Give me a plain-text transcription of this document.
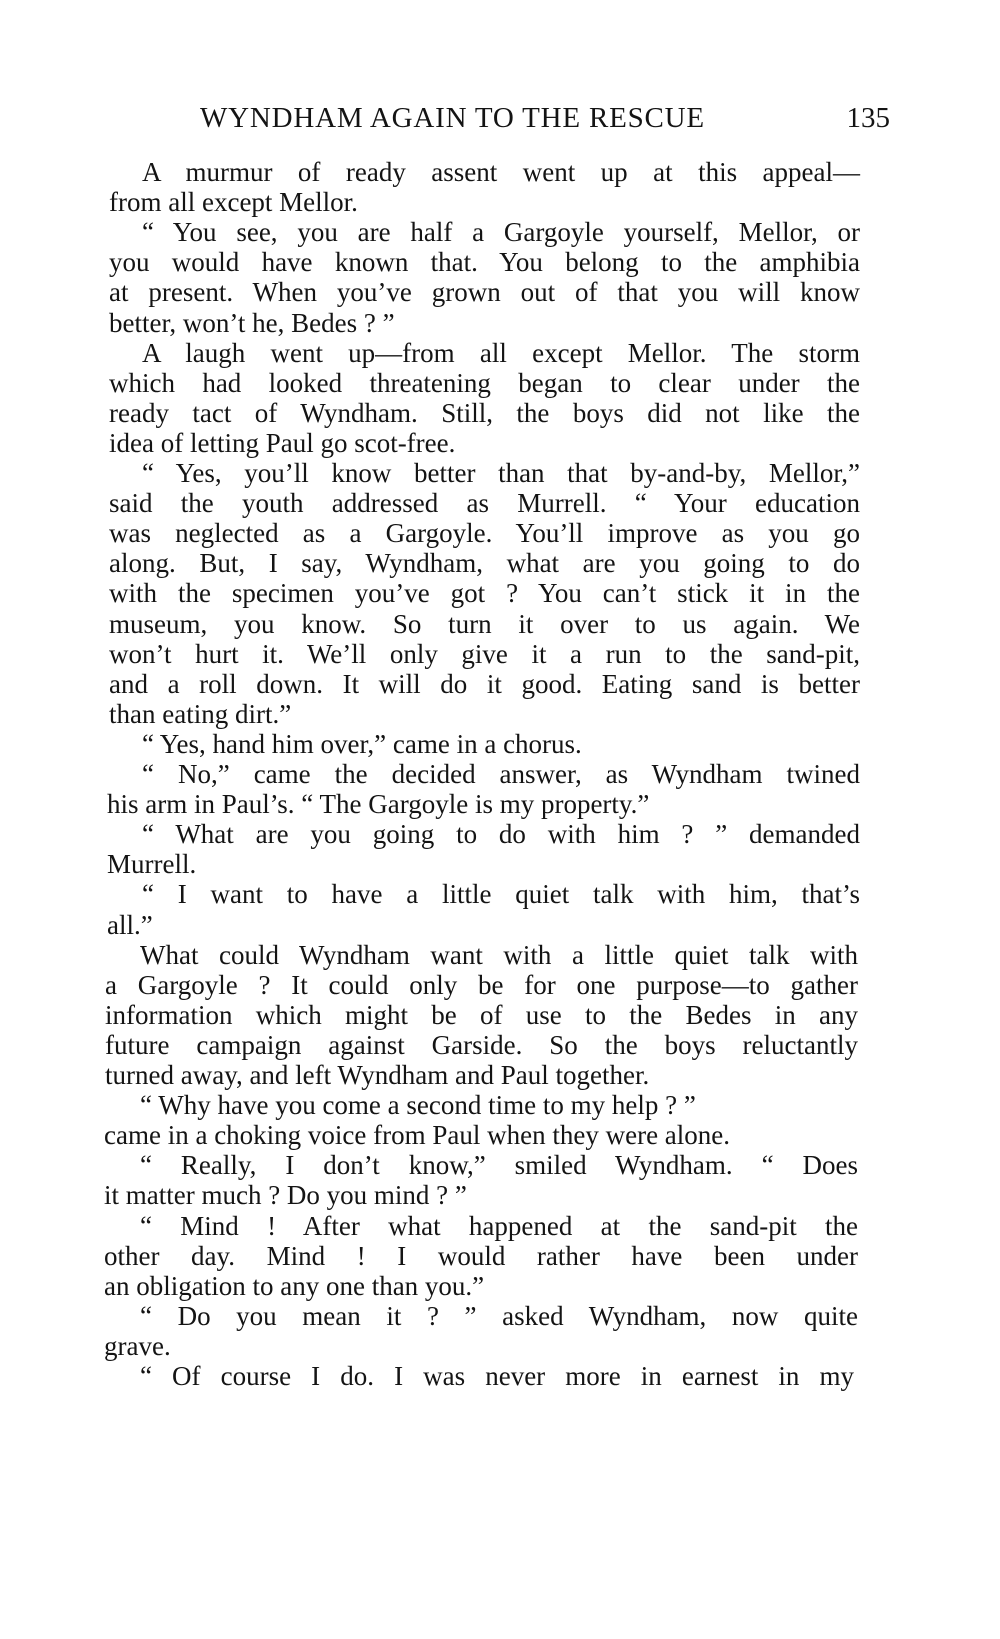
WYNDHAM AGAIN TO THE RESCUE	135
A murmur of ready assent went up at this appeal—
from all except Mellor.
“ You see, you are half a Gargoyle yourself, Mellor, or
you would have known that. You belong to the amphibia
at present. When you’ve grown out of that you will know
better, won’t he, Bedes ? ”
A laugh went up—from all except Mellor. The storm
which had looked threatening began to clear under the
ready tact of Wyndham. Still, the boys did not like the
idea of letting Paul go scot-free.
“ Yes, you’ll know better than that by-and-by, Mellor,”
said the youth addressed as Murrell. “ Your education
was neglected as a Gargoyle. You’ll improve as you go
along. But, I say, Wyndham, what are you going to do
with the specimen you’ve got ? You can’t stick it in the
museum, you know. So turn it over to us again. We
won’t hurt it. We’ll only give it a run to the sand-pit,
and a roll down. It will do it good. Eating sand is better
than eating dirt.”
“ Yes, hand him over,” came in a chorus.
“ No,” came the decided answer, as Wyndham twined
his arm in Paul’s. “ The Gargoyle is my property.”
“ What are you going to do with him ? ” demanded
Murrell.
“ I want to have a little quiet talk with him, that’s
all.”
What could Wyndham want with a little quiet talk with
a Gargoyle ? It could only be for one purpose—to gather
information which might be of use to the Bedes in any
future campaign against Garside. So the boys reluctantly
turned away, and left Wyndham and Paul together.
“ Why have you come a second time to my help ? ”
came in a choking voice from Paul when they were alone.
“ Really, I don’t know,” smiled Wyndham. “ Does
it matter much ? Do you mind ? ”
“ Mind ! After what happened at the sand-pit the
other day. Mind ! I would rather have been under
an obligation to any one than you.”
“ Do you mean it ? ” asked Wyndham, now quite
grave.
“ Of course I do. I was never more in earnest in my
